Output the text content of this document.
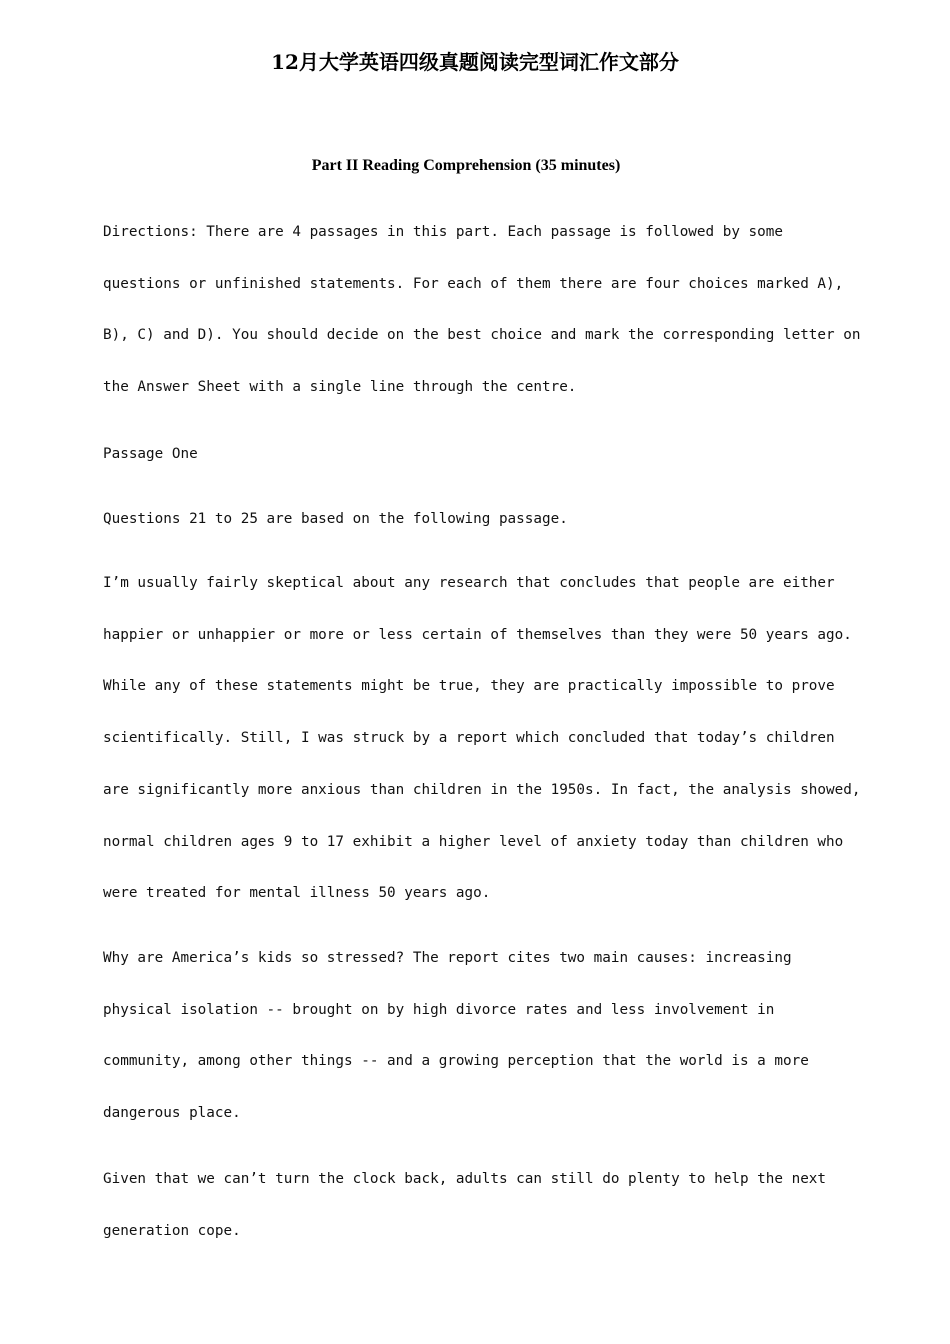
12月大学英语四级真题阅读完型词汇作文部分
Part II Reading Comprehension (35 minutes)

Directions: There are 4 passages in this part. Each passage is followed by some questions or unfinished statements. For each of them there are four choices marked A), B), C) and D). You should decide on the best choice and mark the corresponding letter on the Answer Sheet with a single line through the centre.

Passage One

Questions 21 to 25 are based on the following passage.

I’m usually fairly skeptical about any research that concludes that people are either happier or unhappier or more or less certain of themselves than they were 50 years ago. While any of these statements might be true, they are practically impossible to prove scientifically. Still, I was struck by a report which concluded that today’s children are significantly more anxious than children in the 1950s. In fact, the analysis showed, normal children ages 9 to 17 exhibit a higher level of anxiety today than children who were treated for mental illness 50 years ago.

Why are America’s kids so stressed? The report cites two main causes: increasing physical isolation -- brought on by high divorce rates and less involvement in community, among other things -- and a growing perception that the world is a more dangerous place.

Given that we can’t turn the clock back, adults can still do plenty to help the next generation cope.
